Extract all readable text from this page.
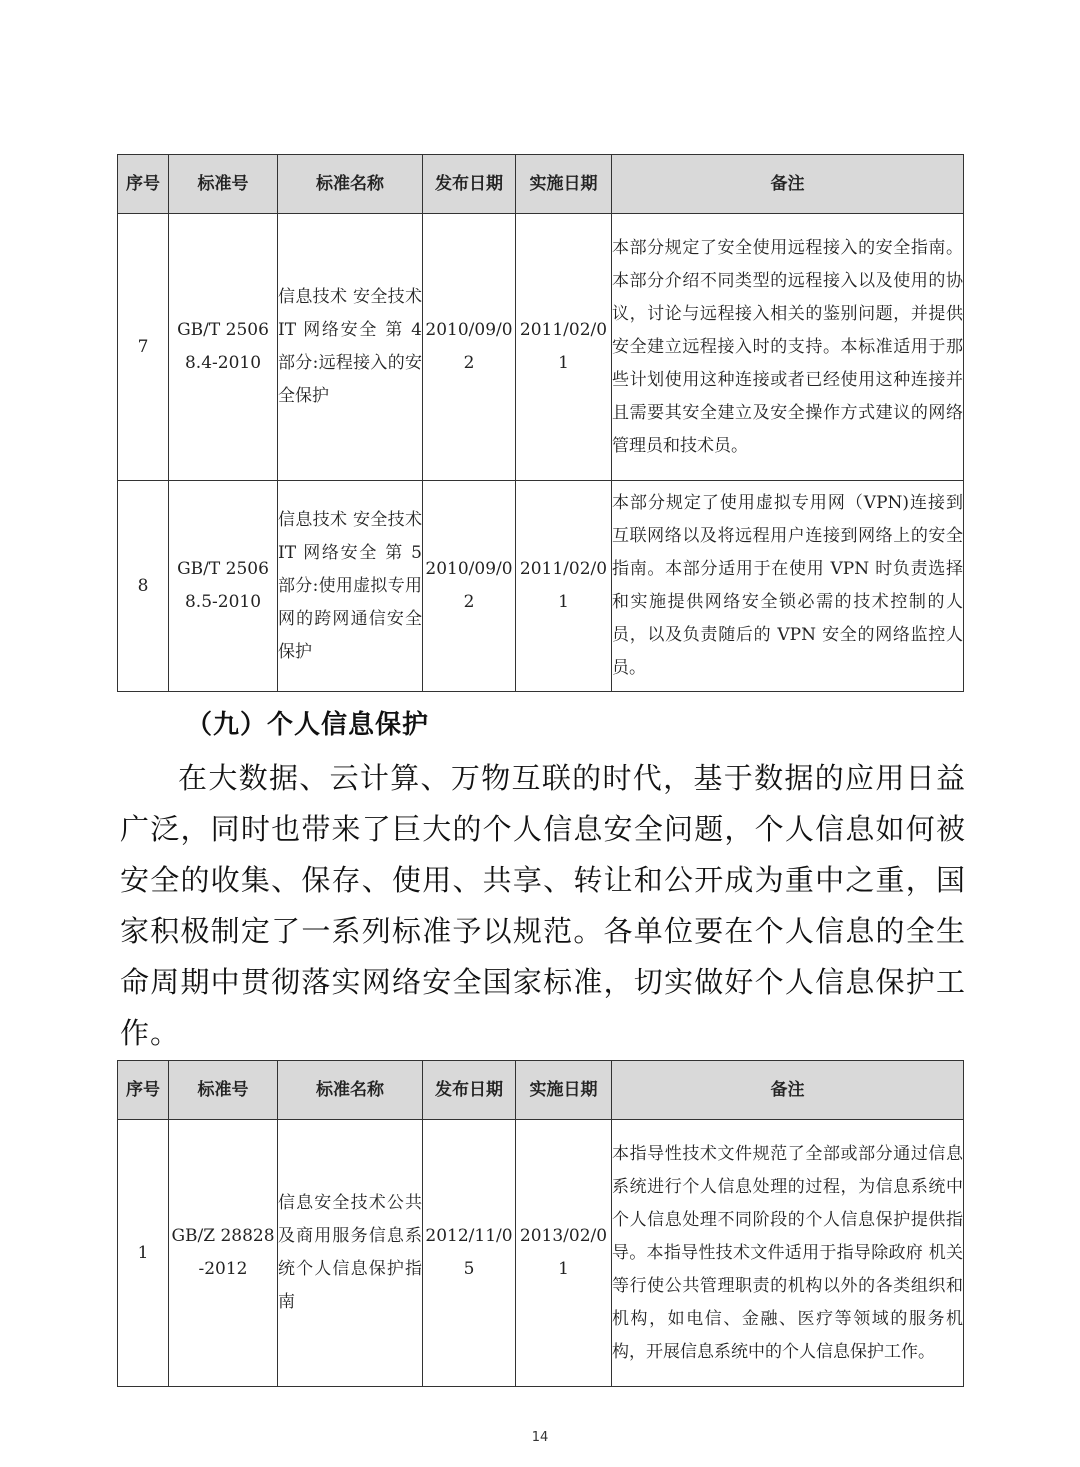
序号	标准号	标准名称	发布日期	实施日期	备注
7	GB/T 25068.4-2010	信息技术 安全技术 IT 网络安全 第 4 部分:远程接入的安全保护	2010/09/02	2011/02/01	本部分规定了安全使用远程接入的安全指南。本部分介绍不同类型的远程接入以及使用的协议，讨论与远程接入相关的鉴别问题，并提供安全建立远程接入时的支持。本标准适用于那些计划使用这种连接或者已经使用这种连接并且需要其安全建立及安全操作方式建议的网络管理员和技术员。
8	GB/T 25068.5-2010	信息技术 安全技术 IT 网络安全 第 5 部分:使用虚拟专用网的跨网通信安全保护	2010/09/02	2011/02/01	本部分规定了使用虚拟专用网（VPN)连接到互联网络以及将远程用户连接到网络上的安全指南。本部分适用于在使用 VPN 时负责选择和实施提供网络安全锁必需的技术控制的人员，以及负责随后的 VPN 安全的网络监控人员。
（九）个人信息保护

在大数据、云计算、万物互联的时代，基于数据的应用日益广泛，同时也带来了巨大的个人信息安全问题，个人信息如何被安全的收集、保存、使用、共享、转让和公开成为重中之重，国家积极制定了一系列标准予以规范。各单位要在个人信息的全生命周期中贯彻落实网络安全国家标准，切实做好个人信息保护工作。

序号	标准号	标准名称	发布日期	实施日期	备注
1	GB/Z 28828-2012	信息安全技术公共及商用服务信息系统个人信息保护指南	2012/11/05	2013/02/01	本指导性技术文件规范了全部或部分通过信息系统进行个人信息处理的过程，为信息系统中个人信息处理不同阶段的个人信息保护提供指导。本指导性技术文件适用于指导除政府 机关等行使公共管理职责的机构以外的各类组织和机构，如电信、金融、医疗等领域的服务机构，开展信息系统中的个人信息保护工作。
14
